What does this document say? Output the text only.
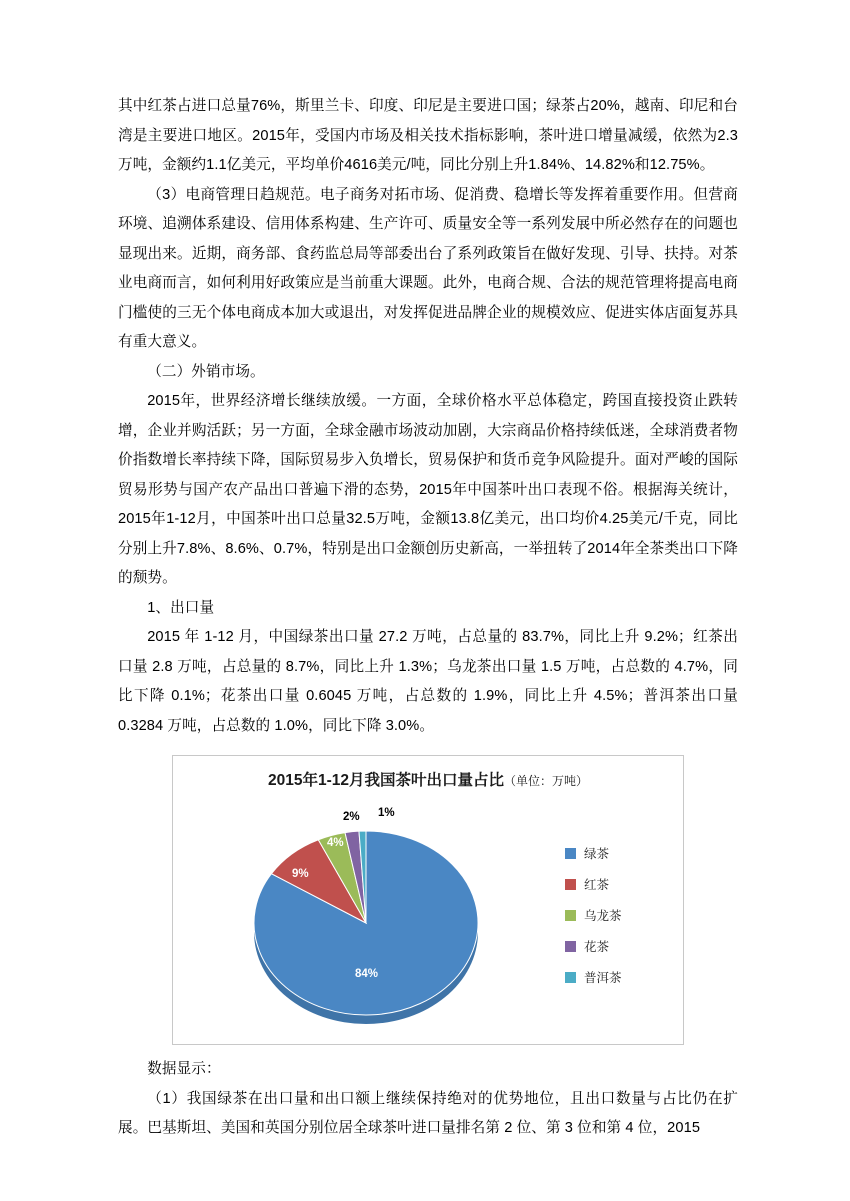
其中红茶占进口总量76%，斯里兰卡、印度、印尼是主要进口国；绿茶占20%，越南、印尼和台湾是主要进口地区。2015年，受国内市场及相关技术指标影响，茶叶进口增量减缓，依然为2.3万吨，金额约1.1亿美元，平均单价4616美元/吨，同比分别上升1.84%、14.82%和12.75%。

（3）电商管理日趋规范。电子商务对拓市场、促消费、稳增长等发挥着重要作用。但营商环境、追溯体系建设、信用体系构建、生产许可、质量安全等一系列发展中所必然存在的问题也显现出来。近期，商务部、食药监总局等部委出台了系列政策旨在做好发现、引导、扶持。对茶业电商而言，如何利用好政策应是当前重大课题。此外，电商合规、合法的规范管理将提高电商门槛使的三无个体电商成本加大或退出，对发挥促进品牌企业的规模效应、促进实体店面复苏具有重大意义。

（二）外销市场。

2015年，世界经济增长继续放缓。一方面，全球价格水平总体稳定，跨国直接投资止跌转增，企业并购活跃；另一方面，全球金融市场波动加剧，大宗商品价格持续低迷，全球消费者物价指数增长率持续下降，国际贸易步入负增长，贸易保护和货币竞争风险提升。面对严峻的国际贸易形势与国产农产品出口普遍下滑的态势，2015年中国茶叶出口表现不俗。根据海关统计，2015年1-12月，中国茶叶出口总量32.5万吨，金额13.8亿美元，出口均价4.25美元/千克，同比分别上升7.8%、8.6%、0.7%，特别是出口金额创历史新高，一举扭转了2014年全茶类出口下降的颓势。

1、出口量

2015 年 1-12 月，中国绿茶出口量 27.2 万吨，占总量的 83.7%，同比上升 9.2%；红茶出口量 2.8 万吨，占总量的 8.7%，同比上升 1.3%；乌龙茶出口量 1.5 万吨，占总数的 4.7%，同比下降 0.1%；花茶出口量 0.6045 万吨，占总数的 1.9%，同比上升 4.5%；普洱茶出口量 0.3284 万吨，占总数的 1.0%，同比下降 3.0%。

2015年1-12月我国茶叶出口量占比（单位：万吨）
84%
9%
4%
2% 1%
绿茶
红茶
乌龙茶
花茶
普洱茶

数据显示：

（1）我国绿茶在出口量和出口额上继续保持绝对的优势地位，且出口数量与占比仍在扩展。巴基斯坦、美国和英国分别位居全球茶叶进口量排名第 2 位、第 3 位和第 4 位，2015
